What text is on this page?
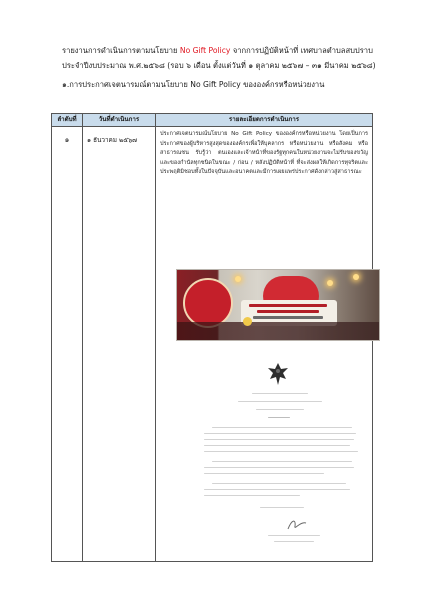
รายงานการดำเนินการตามนโยบาย No Gift Policy จากการปฏิบัติหน้าที่ เทศบาลตำบลสบปราบ ประจำปีงบประมาณ พ.ศ.๒๕๖๘ (รอบ ๖ เดือน ตั้งแต่วันที่ ๑ ตุลาคม ๒๕๖๗ – ๓๑ มีนาคม ๒๕๖๘)
๑.การประกาศเจตนารมณ์ตามนโยบาย No Gift Policy ขององค์กรหรือหน่วยงาน
ลำดับที่	วันที่ดำเนินการ	รายละเอียดการดำเนินการ
๑	๑ ธันวาคม ๒๕๖๗	ประกาศเจตนารมณ์นโยบาย No Gift Policy ขององค์กรหรือหน่วยงาน โดยเป็นการประกาศของผู้บริหารสูงสุดขององค์กรเพื่อให้บุคลากร หรือหน่วยงาน หรือสังคม หรือสาธารณชน รับรู้ว่า ตนเองและเจ้าหน้าที่ของรัฐทุกคนในหน่วยงานจะไม่รับของขวัญและของกำนัลทุกชนิดในขณะ / ก่อน / หลังปฏิบัติหน้าที่ ที่จะส่งผลให้เกิดการทุจริตและประพฤติมิชอบทั้งในปัจจุบันและอนาคตและมีการเผยแพร่ประกาศดังกล่าวสู่สาธารณะ
